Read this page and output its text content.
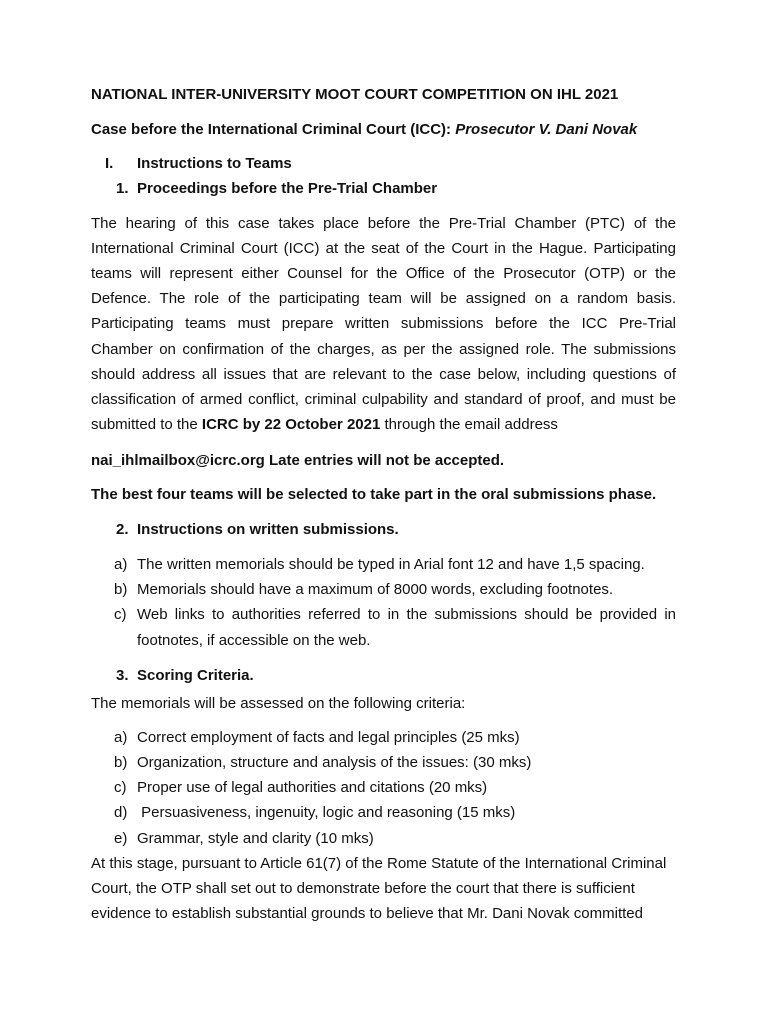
NATIONAL INTER-UNIVERSITY MOOT COURT COMPETITION ON IHL 2021
Case before the International Criminal Court (ICC): Prosecutor V. Dani Novak
I. Instructions to Teams
1. Proceedings before the Pre-Trial Chamber
The hearing of this case takes place before the Pre-Trial Chamber (PTC) of the
International Criminal Court (ICC) at the seat of the Court in the Hague. Participating
teams will represent either Counsel for the Office of the Prosecutor (OTP) or the
Defence. The role of the participating team will be assigned on a random basis.
Participating teams must prepare written submissions before the ICC Pre-Trial
Chamber on confirmation of the charges, as per the assigned role. The submissions
should address all issues that are relevant to the case below, including questions of
classification of armed conflict, criminal culpability and standard of proof, and must be
submitted to the ICRC by 22 October 2021 through the email address
nai_ihlmailbox@icrc.org Late entries will not be accepted.
The best four teams will be selected to take part in the oral submissions phase.
2. Instructions on written submissions.
a) The written memorials should be typed in Arial font 12 and have 1,5 spacing.
b) Memorials should have a maximum of 8000 words, excluding footnotes.
c) Web links to authorities referred to in the submissions should be provided in
footnotes, if accessible on the web.
3. Scoring Criteria.
The memorials will be assessed on the following criteria:
a) Correct employment of facts and legal principles (25 mks)
b) Organization, structure and analysis of the issues: (30 mks)
c) Proper use of legal authorities and citations (20 mks)
d) Persuasiveness, ingenuity, logic and reasoning (15 mks)
e) Grammar, style and clarity (10 mks)
At this stage, pursuant to Article 61(7) of the Rome Statute of the International Criminal
Court, the OTP shall set out to demonstrate before the court that there is sufficient
evidence to establish substantial grounds to believe that Mr. Dani Novak committed
